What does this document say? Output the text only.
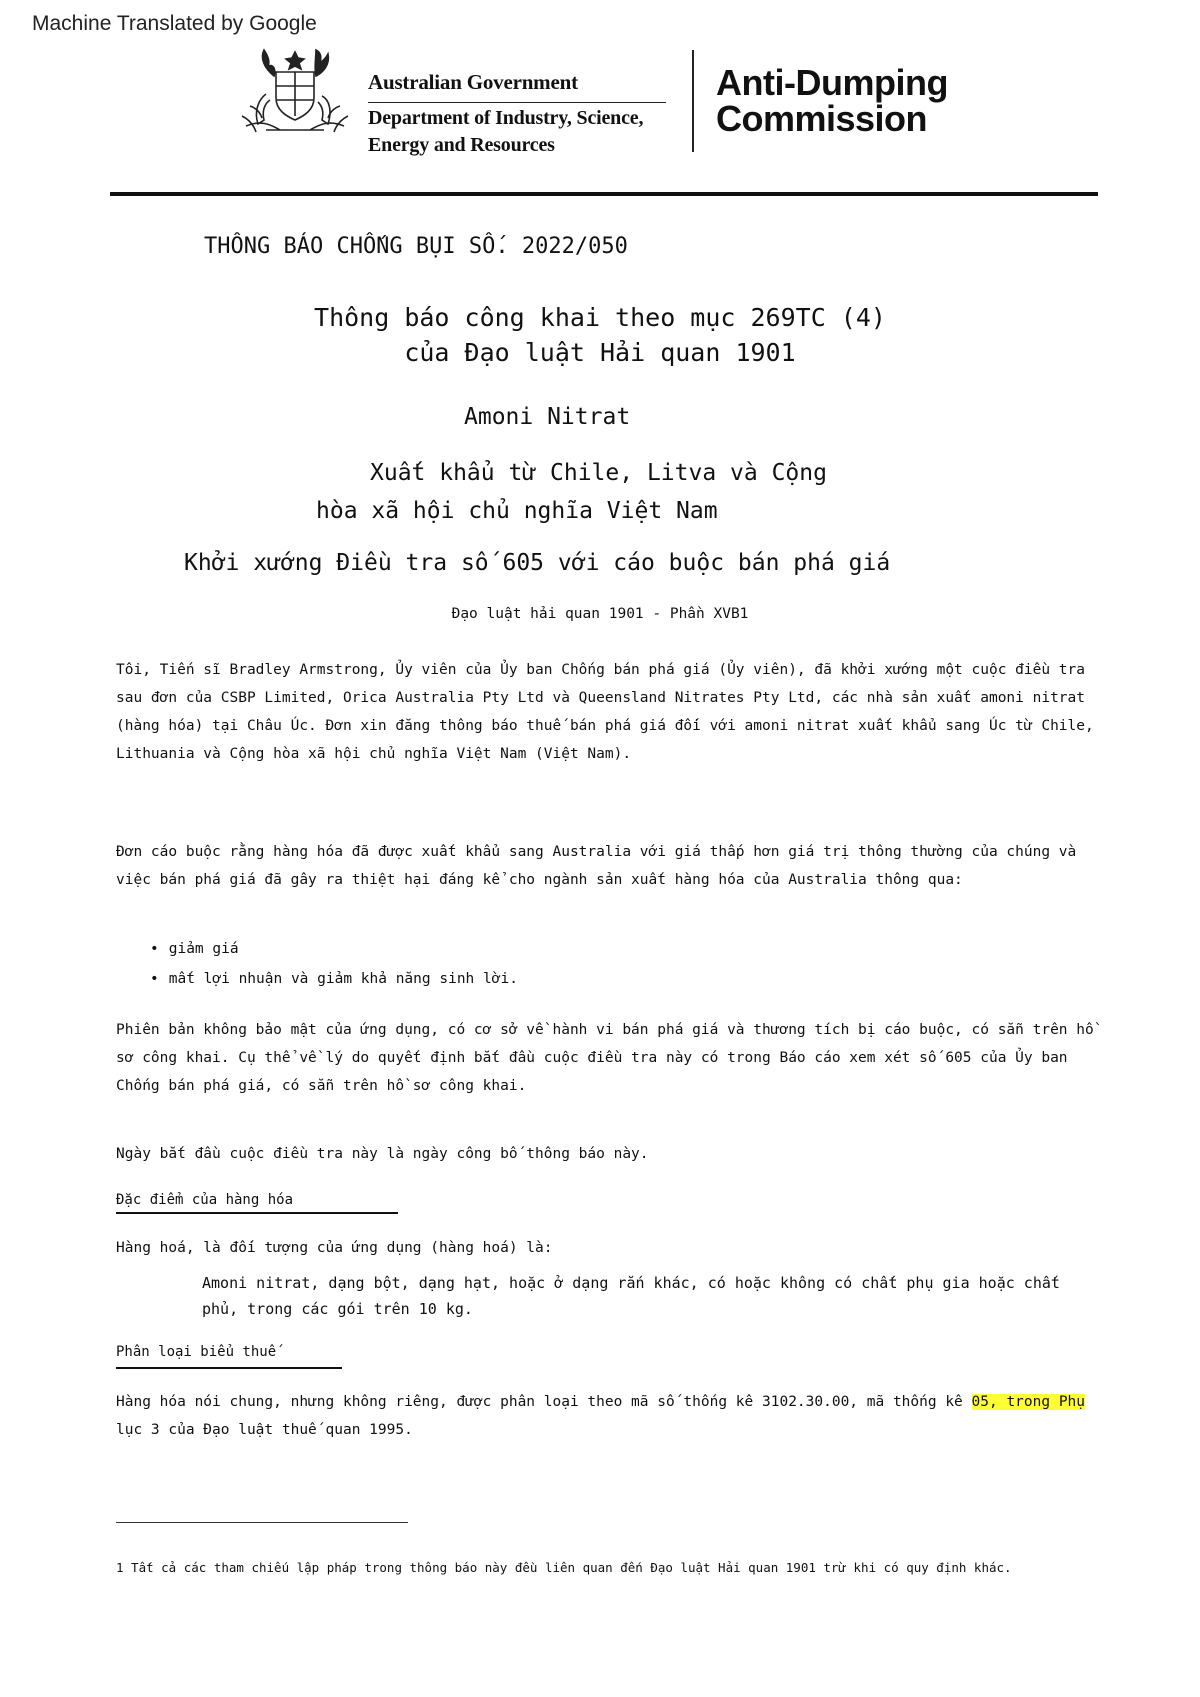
Machine Translated by Google
Australian Government
Department of Industry, Science,
Energy and Resources
Anti-Dumping
Commission
THÔNG BÁO CHỐNG BỤI SỐ. 2022/050
Thông báo công khai theo mục 269TC (4)
của Đạo luật Hải quan 1901
Amoni Nitrat
Xuất khẩu từ Chile, Litva và Cộng
hòa xã hội chủ nghĩa Việt Nam
Khởi xướng Điều tra số 605 với cáo buộc bán phá giá
Đạo luật hải quan 1901 - Phần XVB1

Tôi, Tiến sĩ Bradley Armstrong, Ủy viên của Ủy ban Chống bán phá giá (Ủy viên), đã khởi xướng một cuộc điều tra sau đơn của CSBP Limited, Orica Australia Pty Ltd và Queensland Nitrates Pty Ltd, các nhà sản xuất amoni nitrat (hàng hóa) tại Châu Úc. Đơn xin đăng thông báo thuế bán phá giá đối với amoni nitrat xuất khẩu sang Úc từ Chile, Lithuania và Cộng hòa xã hội chủ nghĩa Việt Nam (Việt Nam).

Đơn cáo buộc rằng hàng hóa đã được xuất khẩu sang Australia với giá thấp hơn giá trị thông thường của chúng và việc bán phá giá đã gây ra thiệt hại đáng kể cho ngành sản xuất hàng hóa của Australia thông qua:

• giảm giá
• mất lợi nhuận và giảm khả năng sinh lời.

Phiên bản không bảo mật của ứng dụng, có cơ sở về hành vi bán phá giá và thương tích bị cáo buộc, có sẵn trên hồ sơ công khai. Cụ thể về lý do quyết định bắt đầu cuộc điều tra này có trong Báo cáo xem xét số 605 của Ủy ban Chống bán phá giá, có sẵn trên hồ sơ công khai.

Ngày bắt đầu cuộc điều tra này là ngày công bố thông báo này.

Đặc điểm của hàng hóa

Hàng hoá, là đối tượng của ứng dụng (hàng hoá) là:

Amoni nitrat, dạng bột, dạng hạt, hoặc ở dạng rắn khác, có hoặc không có chất phụ gia hoặc chất phủ, trong các gói trên 10 kg.

Phân loại biểu thuế

Hàng hóa nói chung, nhưng không riêng, được phân loại theo mã số thống kê 3102.30.00, mã thống kê 05, trong Phụ
lục 3 của Đạo luật thuế quan 1995.

1 Tất cả các tham chiếu lập pháp trong thông báo này đều liên quan đến Đạo luật Hải quan 1901 trừ khi có quy định khác.
